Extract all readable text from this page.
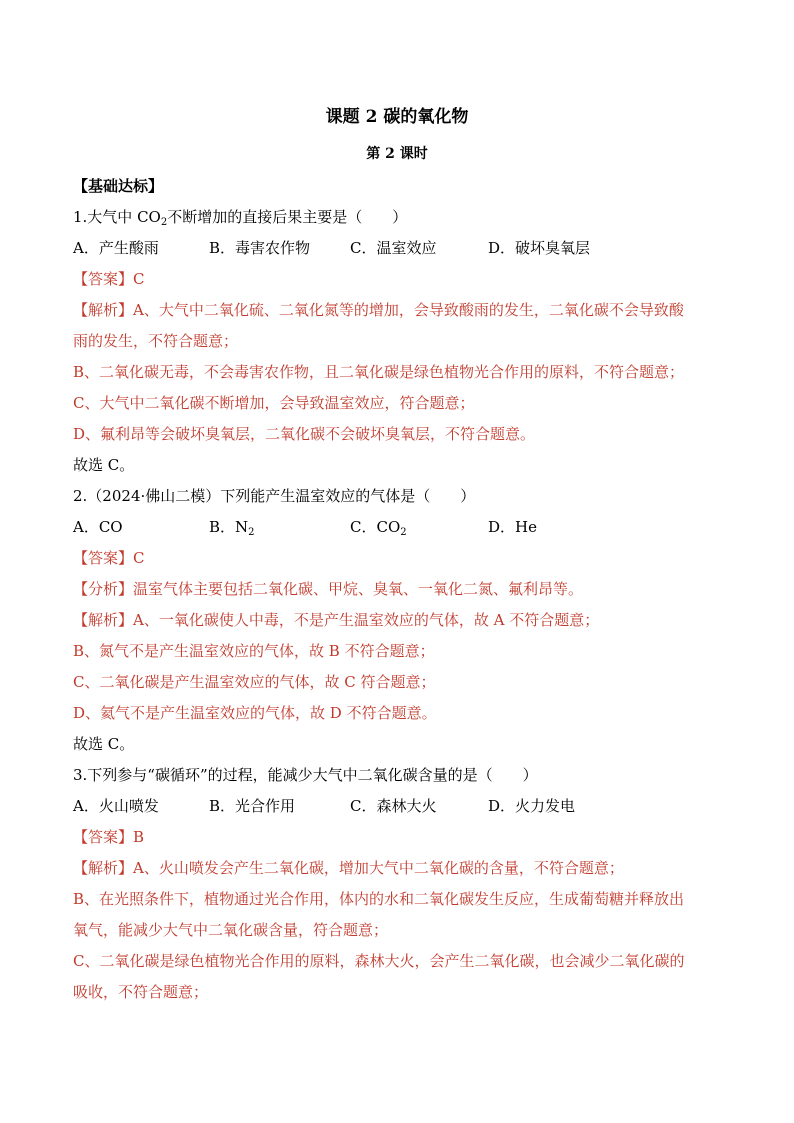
课题 2 碳的氧化物
第 2 课时
【基础达标】
1.大气中 $CO_2$不断增加的直接后果主要是（　　）
A．产生酸雨	B．毒害农作物	C．温室效应	D．破坏臭氧层
【答案】C
【解析】A、大气中二氧化硫、二氧化氮等的增加，会导致酸雨的发生，二氧化碳不会导致酸
雨的发生，不符合题意；
B、二氧化碳无毒，不会毒害农作物，且二氧化碳是绿色植物光合作用的原料，不符合题意；
C、大气中二氧化碳不断增加，会导致温室效应，符合题意；
D、氟利昂等会破坏臭氧层，二氧化碳不会破坏臭氧层，不符合题意。
故选 C。
2.（2024·佛山二模）下列能产生温室效应的气体是（　　）
A．CO	B．$N_2$	C．$CO_2$	D．He
【答案】C
【分析】温室气体主要包括二氧化碳、甲烷、臭氧、一氧化二氮、氟利昂等。
【解析】A、一氧化碳使人中毒，不是产生温室效应的气体，故 A 不符合题意；
B、氮气不是产生温室效应的气体，故 B 不符合题意；
C、二氧化碳是产生温室效应的气体，故 C 符合题意；
D、氦气不是产生温室效应的气体，故 D 不符合题意。
故选 C。
3.下列参与“碳循环”的过程，能减少大气中二氧化碳含量的是（　　）
A．火山喷发	B．光合作用	C．森林大火	D．火力发电
【答案】B
【解析】A、火山喷发会产生二氧化碳，增加大气中二氧化碳的含量，不符合题意；
B、在光照条件下，植物通过光合作用，体内的水和二氧化碳发生反应，生成葡萄糖并释放出
氧气，能减少大气中二氧化碳含量，符合题意；
C、二氧化碳是绿色植物光合作用的原料，森林大火，会产生二氧化碳，也会减少二氧化碳的
吸收，不符合题意；
